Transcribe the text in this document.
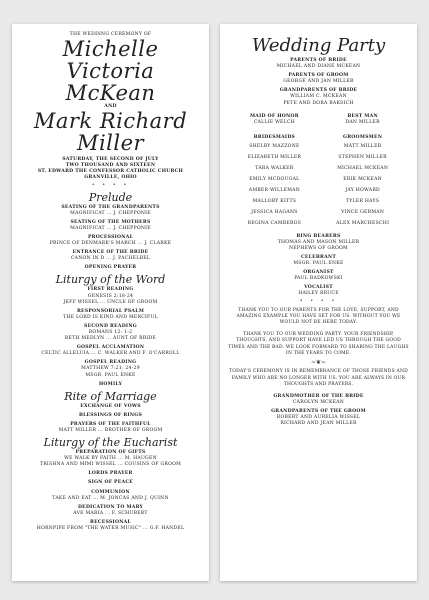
THE WEDDING CEREMONY OF
Michelle Victoria McKean
AND
Mark Richard Miller
SATURDAY, THE SECOND OF JULY
TWO THOUSAND AND SIXTEEN
ST. EDWARD THE CONFESSOR CATHOLIC CHURCH
GRANVILLE, OHIO
• • • •
Prelude
SEATING OF THE GRANDPARENTS
MAGNIFICAT ... J. CHEPPONIE
SEATING OF THE MOTHERS
MAGNIFICAT ... J. CHEPPONIE
PROCESSIONAL
PRINCE OF DENMARK'S MARCH ... J. CLARKE
ENTRANCE OF THE BRIDE
CANON IN D ... J. PACHELBEL
OPENING PRAYER
Liturgy of the Word
FIRST READING
GENESIS 2:18-24
JEFF WISSEL ... UNCLE OF GROOM
RESPONSORIAL PSALM
THE LORD IS KIND AND MERCIFUL
SECOND READING
ROMANS 12: 1-2
BETH MEDLYN ... AUNT OF BRIDE
GOSPEL ACCLAMATION
CELTIC ALLELUIA ... C. WALKER AND F. O'CARROLL
GOSPEL READING
MATTHEW 7:21, 24-29
MSGR. PAUL ENKE
HOMILY
Rite of Marriage
EXCHANGE OF VOWS
BLESSINGS OF RINGS
PRAYERS OF THE FAITHFUL
MATT MILLER ... BROTHER OF GROOM
Liturgy of the Eucharist
PREPARATION OF GIFTS
WE WALK BY FAITH ... M. HAUGEN
TRISHNA AND MIMI WISSEL ... COUSINS OF GROOM
LORDS PRAYER
SIGN OF PEACE
COMMUNION
TAKE AND EAT ... M. JONCAS AND J. QUINN
DEDICATION TO MARY
AVE MARIA ... F. SCHUBERT
RECESSIONAL
HORNPIPE FROM "THE WATER MUSIC" ... G.F. HANDEL
Wedding Party
PARENTS OF BRIDE
MICHAEL AND DIANE MCKEAN
PARENTS OF GROOM
GEORGE AND JAN MILLER
GRANDPARENTS OF BRIDE
WILLIAM C. MCKEAN
PETE AND DORA BAKSICH
MAID OF HONOR
CALLIE WELCH
BEST MAN
DAN MILLER
BRIDESMAIDS
SHELBY MAZZONE
ELIZABETH MILLER
TARA WALKER
EMILY MCDOUGAL
AMBER WILLEMAN
MALLORY KITTS
JESSICA HAGANS
REGINA CAMBEROS
GROOMSMEN
MATT MILLER
STEPHEN MILLER
MICHAEL MCKEAN
ERIK MCKEAN
JAY HOWARD
TYLER HAYS
VINCE GERMAN
ALEX MARCHESCHI
RING BEARERS
THOMAS AND MASON MILLER
NEPHEWS OF GROOM
CELEBRANT
MSGR. PAUL ENKE
ORGANIST
PAUL RADKOWSKI
VOCALIST
HAILEY BRUCE
• • • •
THANK YOU TO OUR PARENTS FOR THE LOVE, SUPPORT, AND AMAZING EXAMPLE YOU HAVE SET FOR US. WITHOUT YOU WE WOULD NOT BE HERE TODAY.
THANK YOU TO OUR WEDDING PARTY. YOUR FRIENDSHIP, THOUGHTS, AND SUPPORT HAVE LED US THROUGH THE GOOD TIMES AND THE BAD. WE LOOK FORWARD TO SHARING THE LAUGHS IN THE YEARS TO COME.
~❦~
TODAY'S CEREMONY IS IN REMEMBRANCE OF THOSE FRIENDS AND FAMILY WHO ARE NO LONGER WITH US. YOU ARE ALWAYS IN OUR THOUGHTS AND PRAYERS.
GRANDMOTHER OF THE BRIDE
CAROLYN MCKEAN
GRANDPARENTS OF THE GROOM
ROBERT AND AURELIA WISSEL
RICHARD AND JEAN MILLER
